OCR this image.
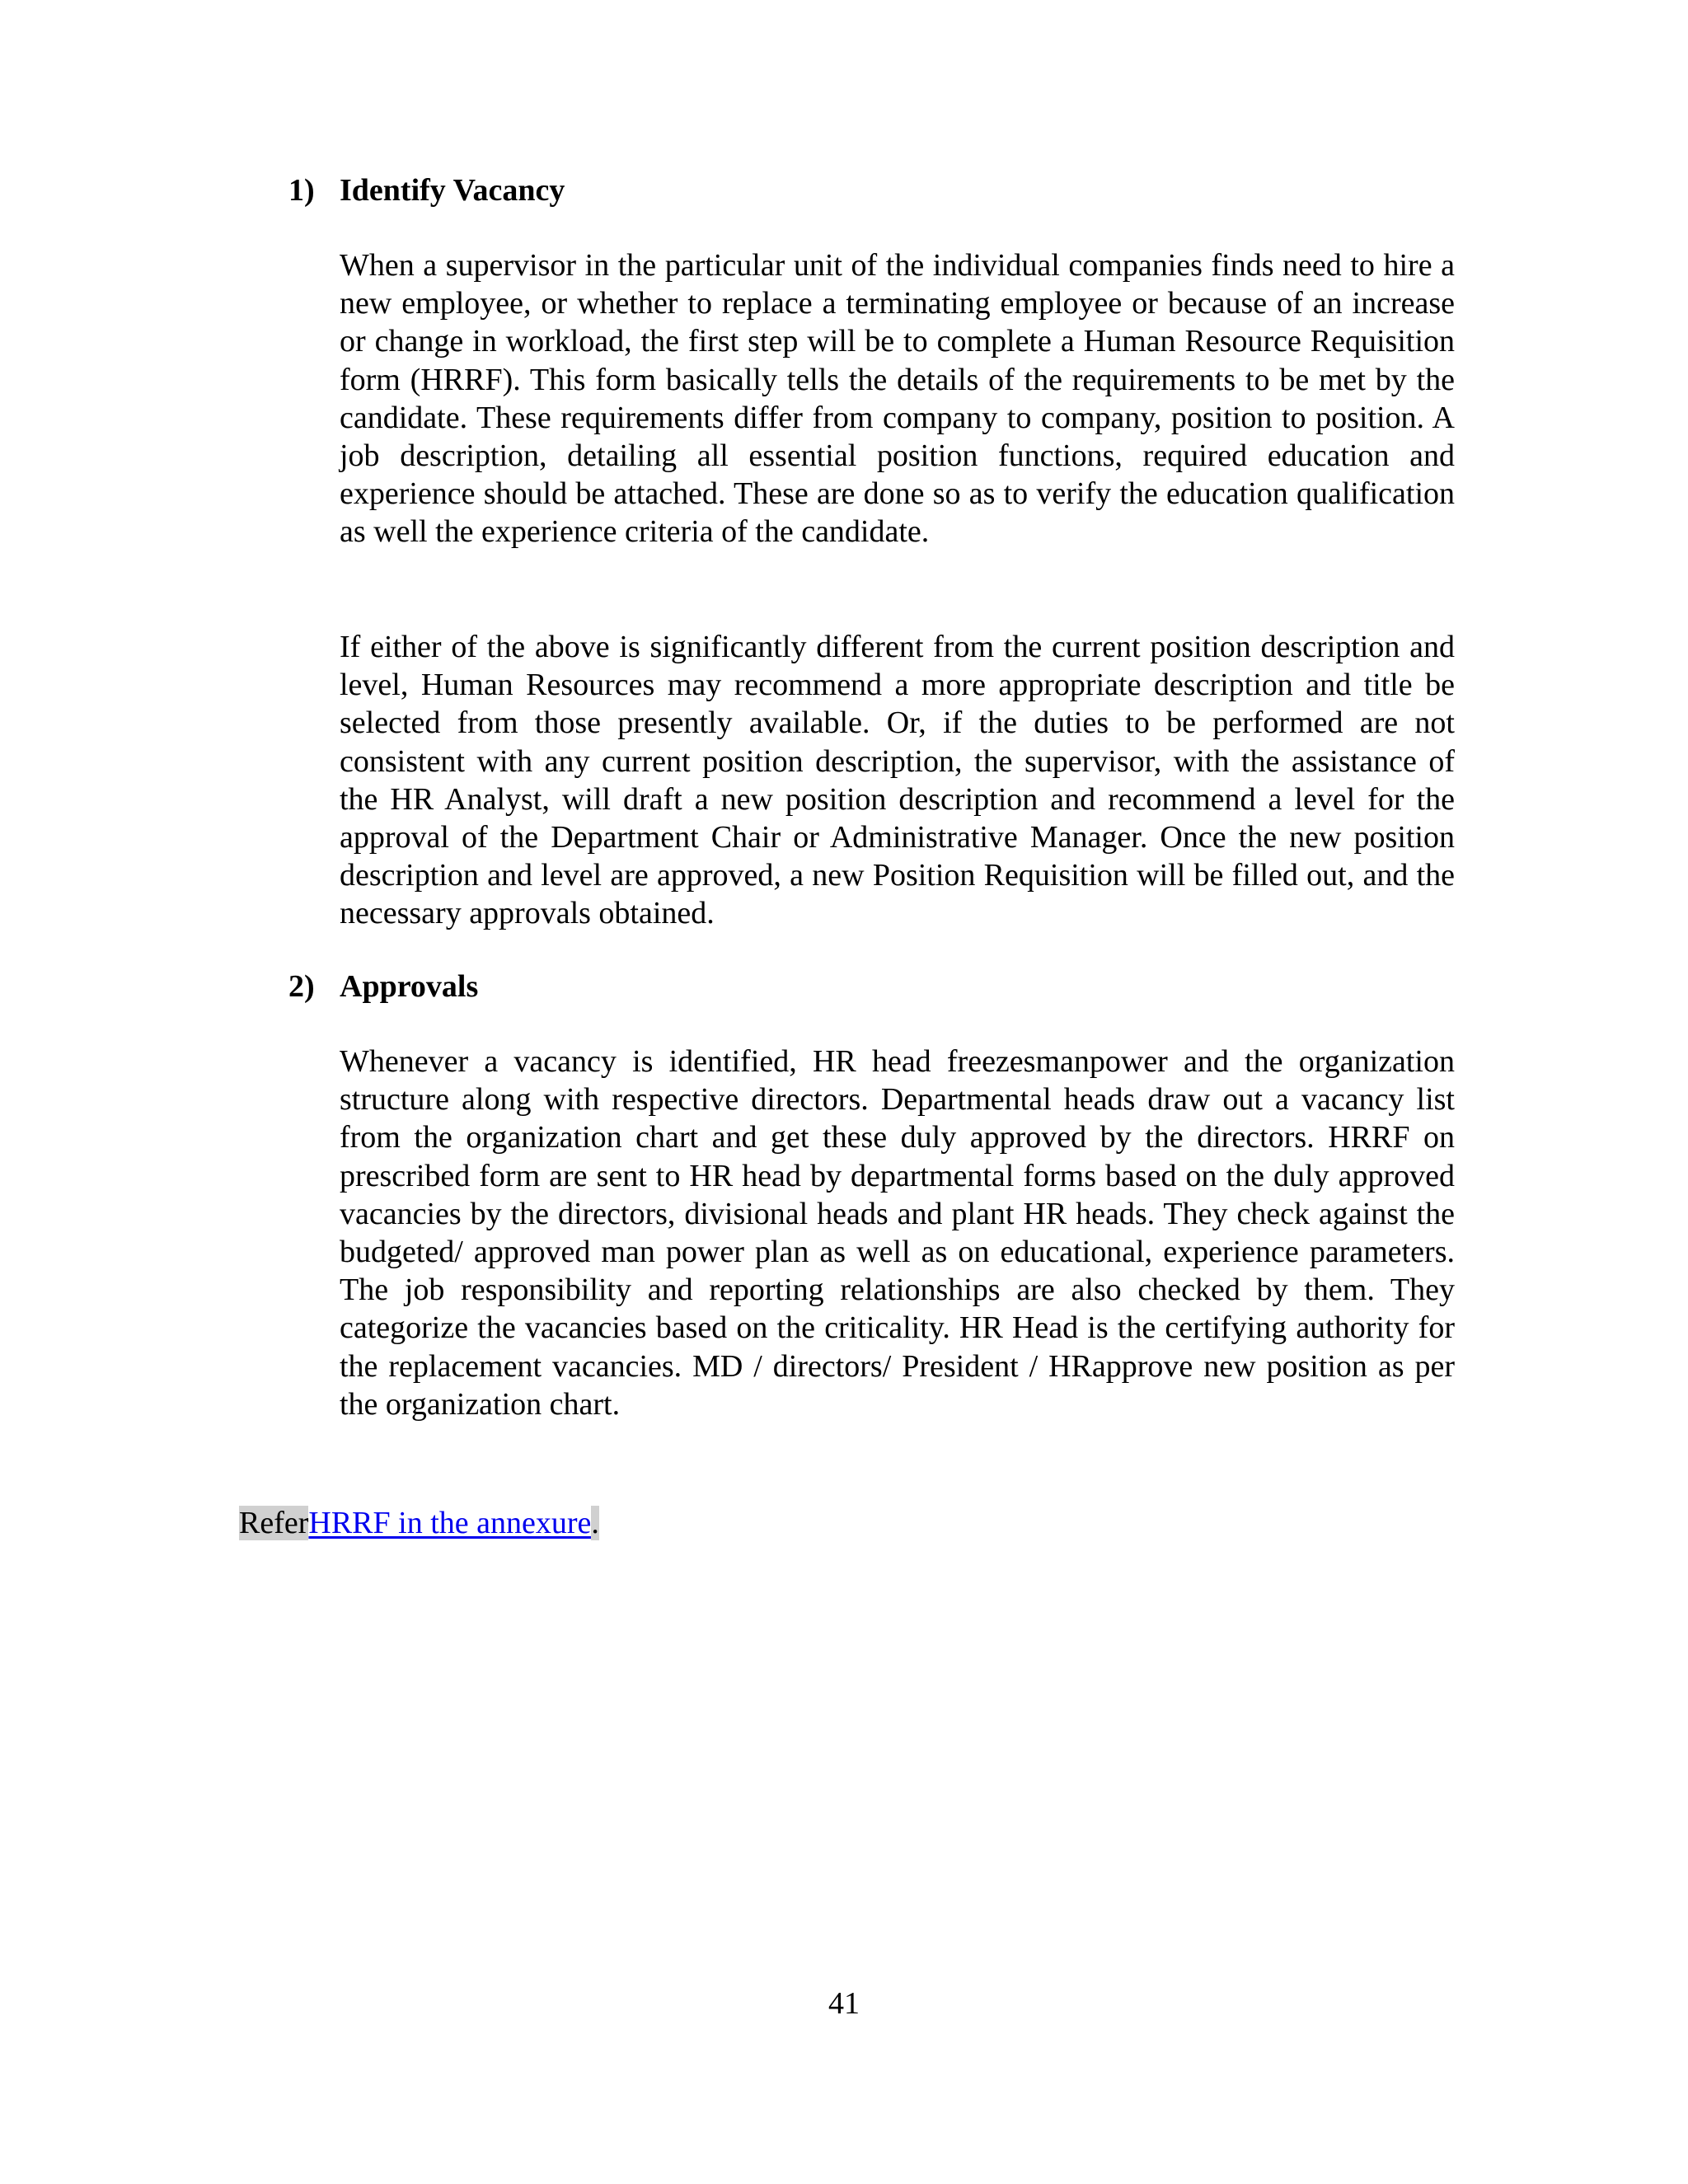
1) Identify Vacancy

When a supervisor in the particular unit of the individual companies finds need to hire a new employee, or whether to replace a terminating employee or because of an increase or change in workload, the first step will be to complete a Human Resource Requisition form (HRRF). This form basically tells the details of the requirements to be met by the candidate. These requirements differ from company to company, position to position. A job description, detailing all essential position functions, required education and experience should be attached. These are done so as to verify the education qualification as well the experience criteria of the candidate.

If either of the above is significantly different from the current position description and level, Human Resources may recommend a more appropriate description and title be selected from those presently available. Or, if the duties to be performed are not consistent with any current position description, the supervisor, with the assistance of the HR Analyst, will draft a new position description and recommend a level for the approval of the Department Chair or Administrative Manager. Once the new position description and level are approved, a new Position Requisition will be filled out, and the necessary approvals obtained.

2) Approvals

Whenever a vacancy is identified, HR head freezesmanpower and the organization structure along with respective directors. Departmental heads draw out a vacancy list from the organization chart and get these duly approved by the directors. HRRF on prescribed form are sent to HR head by departmental forms based on the duly approved vacancies by the directors, divisional heads and plant HR heads. They check against the budgeted/ approved man power plan as well as on educational, experience parameters. The job responsibility and reporting relationships are also checked by them. They categorize the vacancies based on the criticality. HR Head is the certifying authority for the replacement vacancies. MD / directors/ President / HRapprove new position as per the organization chart.

ReferHRRF in the annexure.
41
